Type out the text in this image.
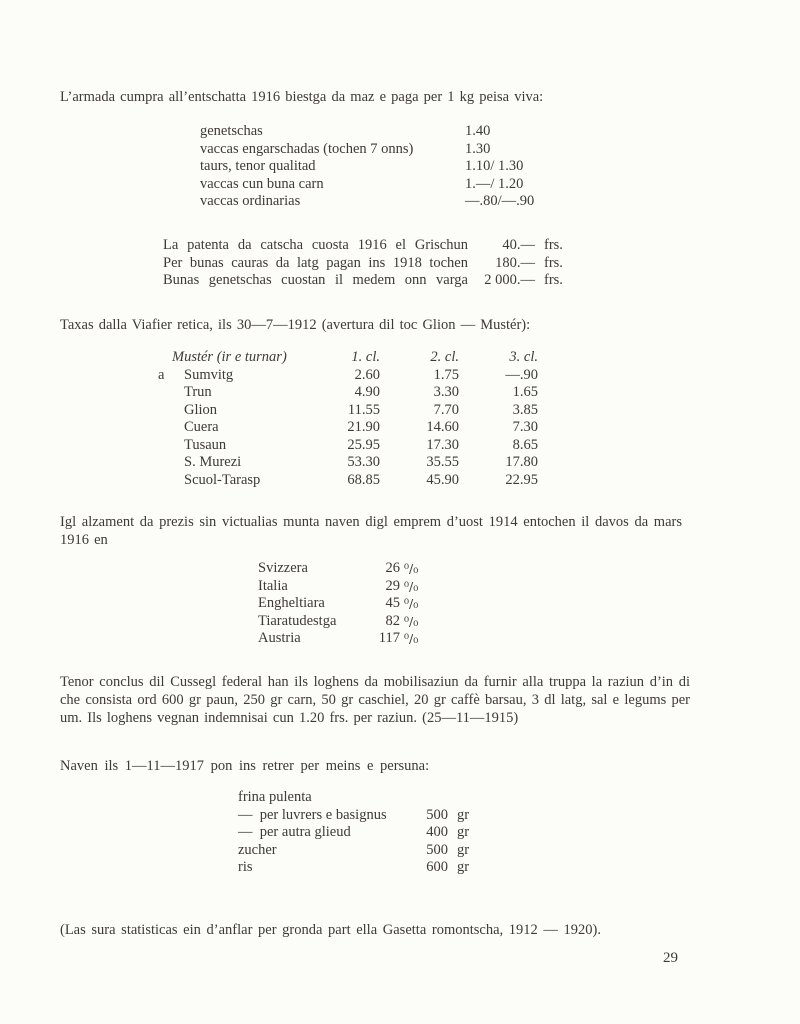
L’armada cumpra all’entschatta 1916 biestga da maz e paga per 1 kg peisa viva:

genetschas	1.40
vaccas engarschadas (tochen 7 onns)	1.30
taurs, tenor qualitad	1.10/ 1.30
vaccas cun buna carn	1.—/ 1.20
vaccas ordinarias	—.80/—.90
La patenta da catscha cuosta 1916 el Grischun	40.— frs.
Per bunas cauras da latg pagan ins 1918 tochen	180.— frs.
Bunas genetschas cuostan il medem onn varga	2 000.— frs.

Taxas dalla Viafier retica, ils 30—7—1912 (avertura dil toc Glion — Mustér):

Mustér (ir e turnar)	1. cl.	2. cl.	3. cl.
a Sumvitg	2.60	1.75	—.90
Trun	4.90	3.30	1.65
Glion	11.55	7.70	3.85
Cuera	21.90	14.60	7.30
Tusaun	25.95	17.30	8.65
S. Murezi	53.30	35.55	17.80
Scuol-Tarasp	68.85	45.90	22.95

Igl alzament da prezis sin victualias munta naven digl emprem d’uost 1914 entochen il davos da mars 1916 en

Svizzera	26 ⁰/₀
Italia	29 ⁰/₀
Engheltiara	45 ⁰/₀
Tiaratudestga	82 ⁰/₀
Austria	117 ⁰/₀

Tenor conclus dil Cussegl federal han ils loghens da mobilisaziun da furnir alla truppa la raziun d’in di che consista ord 600 gr paun, 250 gr carn, 50 gr caschiel, 20 gr caffè barsau, 3 dl latg, sal e legums per um. Ils loghens vegnan indemnisai cun 1.20 frs. per raziun. (25—11—1915)

Naven ils 1—11—1917 pon ins retrer per meins e persuna:

frina pulenta
—  per luvrers e basignus	500 gr
—  per autra glieud	400 gr
zucher	500 gr
ris	600 gr

(Las sura statisticas ein d’anflar per gronda part ella Gasetta romontscha, 1912 — 1920).

29
